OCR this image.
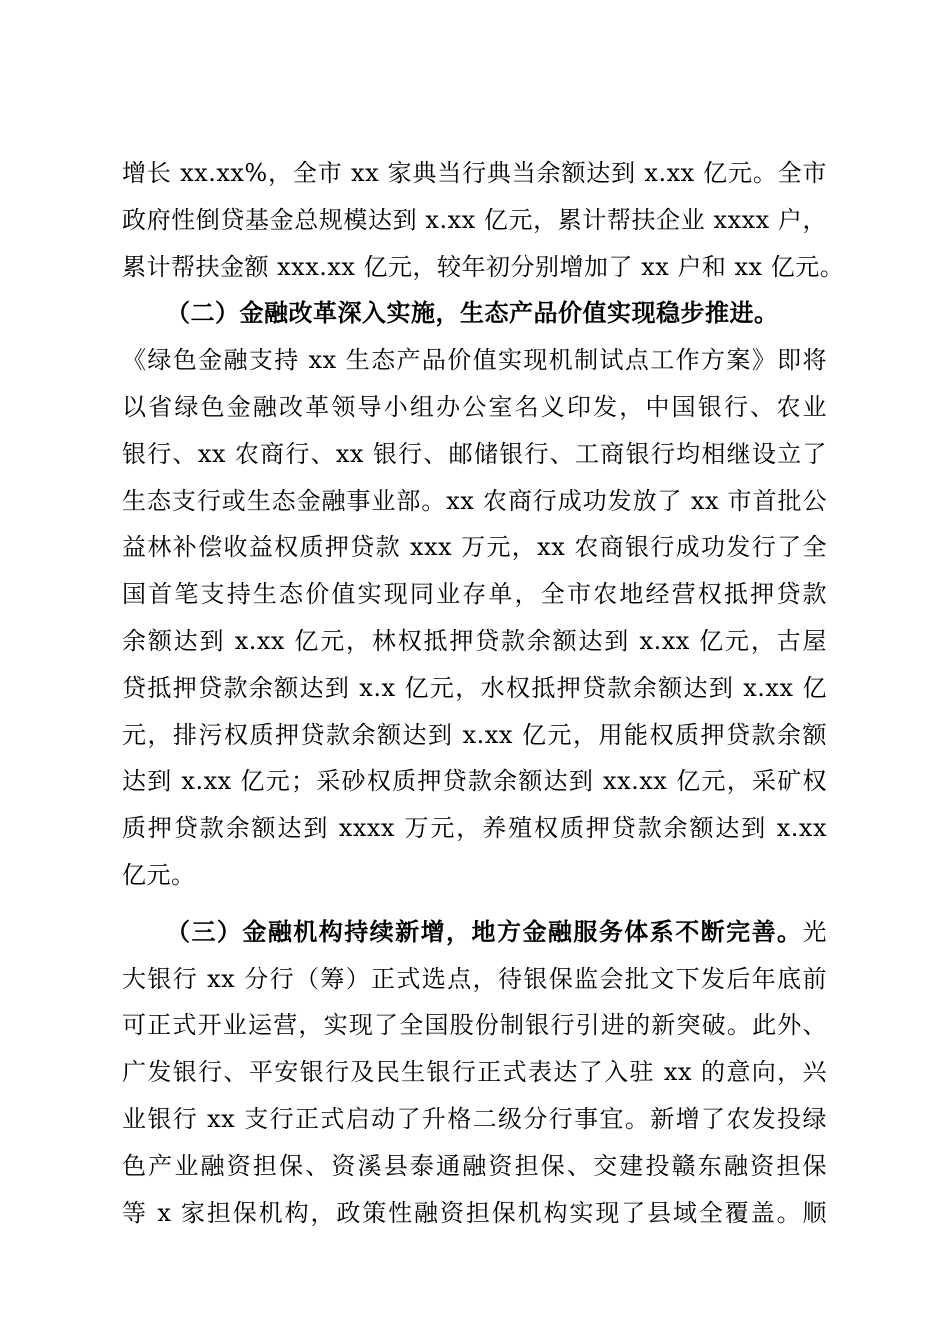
增长 xx.xx%，全市 xx 家典当行典当余额达到 x.xx 亿元。全市
政府性倒贷基金总规模达到 x.xx 亿元，累计帮扶企业 xxxx 户，
累计帮扶金额 xxx.xx 亿元，较年初分别增加了 xx 户和 xx 亿元。
（二）金融改革深入实施，生态产品价值实现稳步推进。
《绿色金融支持 xx 生态产品价值实现机制试点工作方案》即将
以省绿色金融改革领导小组办公室名义印发，中国银行、农业
银行、xx 农商行、xx 银行、邮储银行、工商银行均相继设立了
生态支行或生态金融事业部。xx 农商行成功发放了 xx 市首批公
益林补偿收益权质押贷款 xxx 万元，xx 农商银行成功发行了全
国首笔支持生态价值实现同业存单，全市农地经营权抵押贷款
余额达到 x.xx 亿元，林权抵押贷款余额达到 x.xx 亿元，古屋
贷抵押贷款余额达到 x.x 亿元，水权抵押贷款余额达到 x.xx 亿
元，排污权质押贷款余额达到 x.xx 亿元，用能权质押贷款余额
达到 x.xx 亿元；采砂权质押贷款余额达到 xx.xx 亿元，采矿权
质押贷款余额达到 xxxx 万元，养殖权质押贷款余额达到 x.xx
亿元。
（三）金融机构持续新增，地方金融服务体系不断完善。光
大银行 xx 分行（筹）正式选点，待银保监会批文下发后年底前
可正式开业运营，实现了全国股份制银行引进的新突破。此外、
广发银行、平安银行及民生银行正式表达了入驻 xx 的意向，兴
业银行 xx 支行正式启动了升格二级分行事宜。新增了农发投绿
色产业融资担保、资溪县泰通融资担保、交建投赣东融资担保
等 x 家担保机构，政策性融资担保机构实现了县域全覆盖。顺
